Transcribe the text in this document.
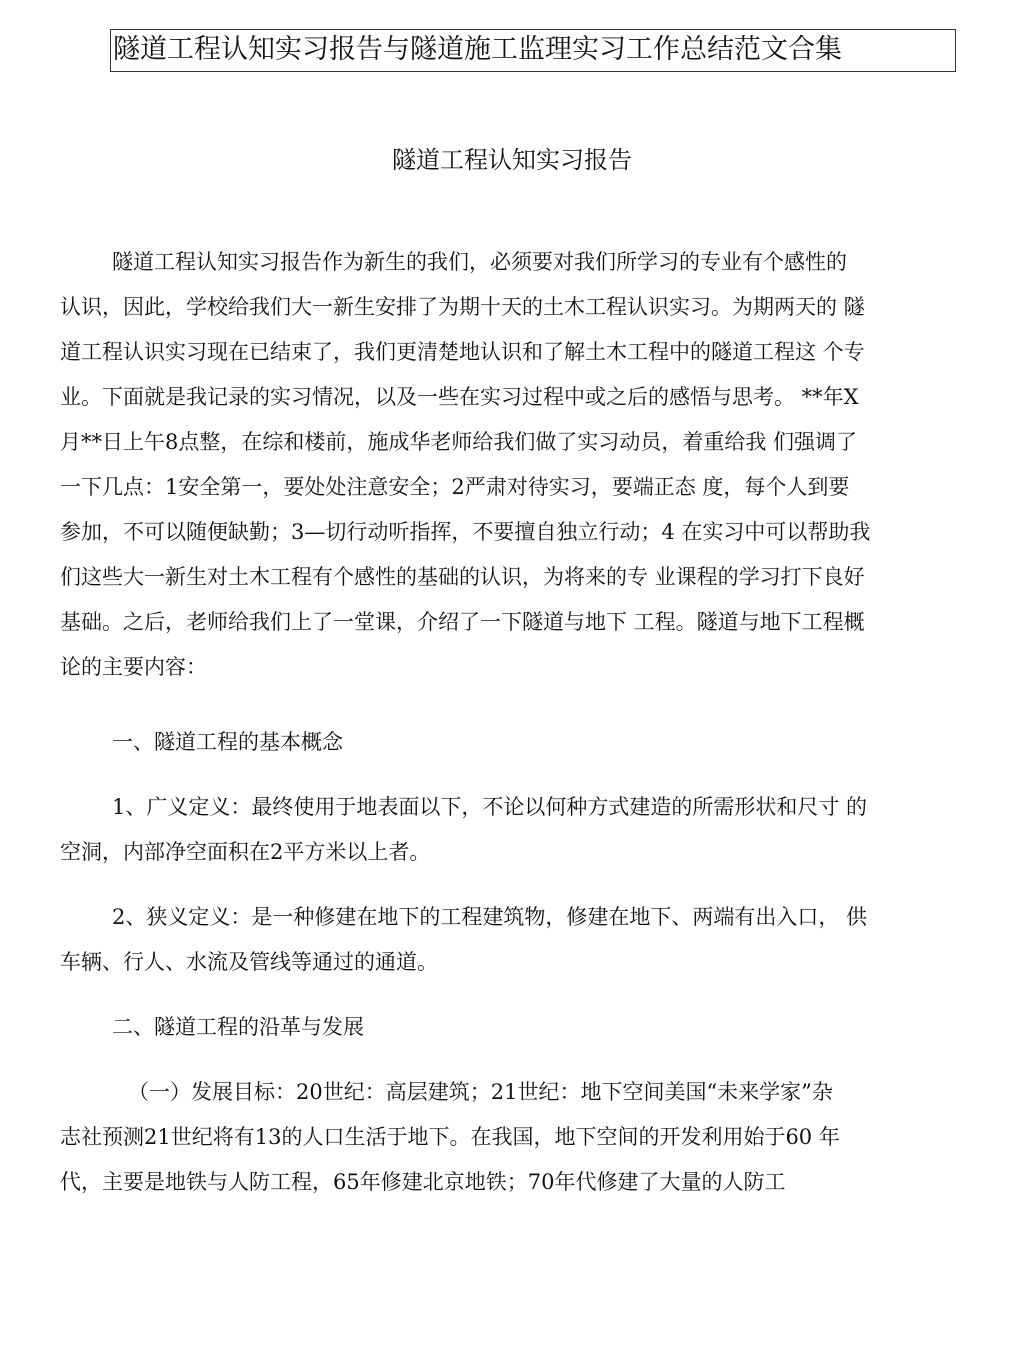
隧道工程认知实习报告与隧道施工监理实习工作总结范文合集
隧道工程认知实习报告
隧道工程认知实习报告作为新生的我们，必须要对我们所学习的专业有个感性的
认识，因此，学校给我们大一新生安排了为期十天的土木工程认识实习。为期两天的 隧
道工程认识实习现在已结束了，我们更清楚地认识和了解土木工程中的隧道工程这 个专
业。下面就是我记录的实习情况，以及一些在实习过程中或之后的感悟与思考。 **年X
月**日上午8点整，在综和楼前，施成华老师给我们做了实习动员，着重给我 们强调了
一下几点：1安全第一，要处处注意安全；2严肃对待实习，要端正态 度，每个人到要
参加，不可以随便缺勤；3—切行动听指挥，不要擅自独立行动；4 在实习中可以帮助我
们这些大一新生对土木工程有个感性的基础的认识，为将来的专 业课程的学习打下良好
基础。之后，老师给我们上了一堂课，介绍了一下隧道与地下 工程。隧道与地下工程概
论的主要内容：
一、隧道工程的基本概念
1、广义定义：最终使用于地表面以下，不论以何种方式建造的所需形状和尺寸 的
空洞，内部净空面积在2平方米以上者。
2、狭义定义：是一种修建在地下的工程建筑物，修建在地下、两端有出入口， 供
车辆、行人、水流及管线等通过的通道。
二、隧道工程的沿革与发展
（一）发展目标：20世纪：高层建筑；21世纪：地下空间美国“未来学家”杂
志社预测21世纪将有13的人口生活于地下。在我国，地下空间的开发利用始于60 年
代，主要是地铁与人防工程，65年修建北京地铁；70年代修建了大量的人防工
